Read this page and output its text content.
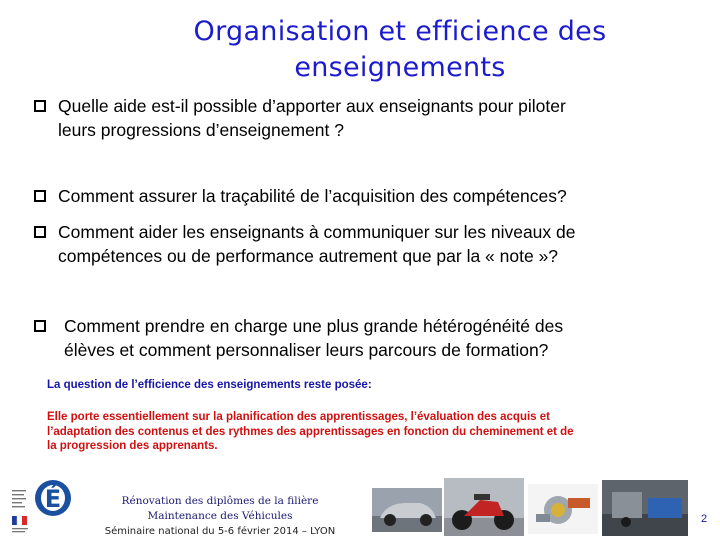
Organisation et efficience des
enseignements
Quelle aide est-il possible d’apporter aux enseignants pour piloter
leurs progressions d’enseignement ?
Comment assurer la traçabilité de l’acquisition des compétences?
Comment aider les enseignants à communiquer sur les niveaux de
compétences ou de performance autrement que par la « note »?
Comment prendre en charge une plus grande hétérogénéité des
élèves et comment personnaliser leurs parcours de formation?
La question de l’efficience des enseignements reste posée:
Elle porte essentiellement sur la planification des apprentissages, l’évaluation des acquis et
l’adaptation des contenus et des rythmes des apprentissages en fonction du cheminement et de
la progression des apprenants.
É	Rénovation des diplômes de la filière
Maintenance des Véhicules
Séminaire national du 5-6 février 2014 – LYON
2
